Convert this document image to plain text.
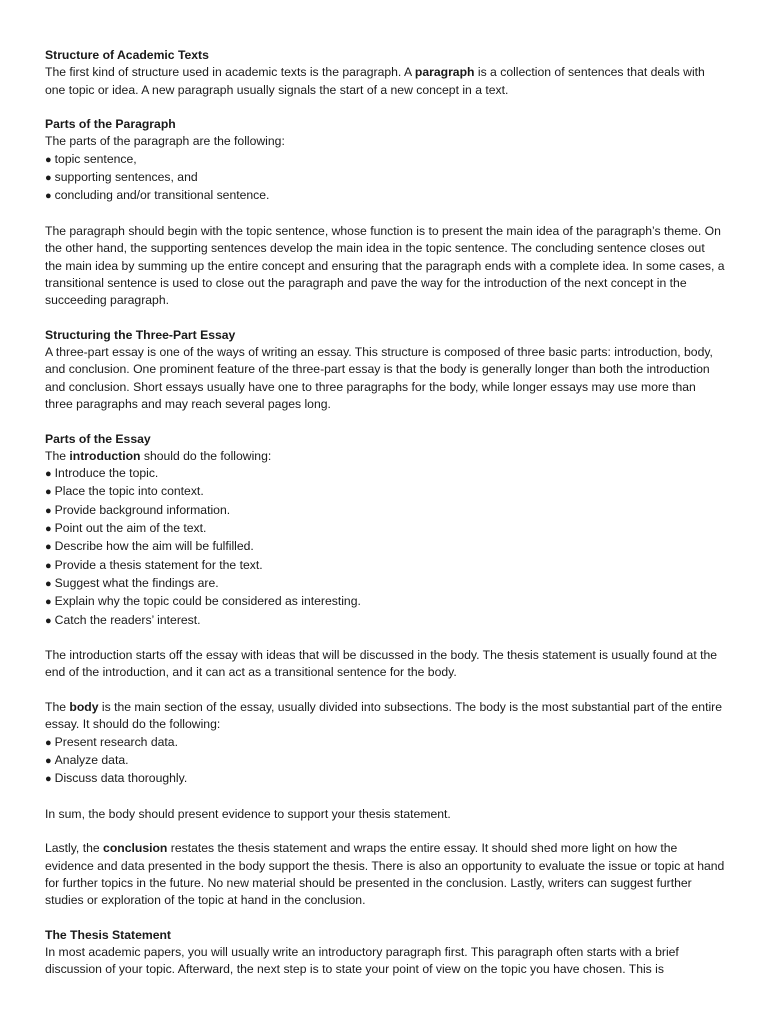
Structure of Academic Texts

The first kind of structure used in academic texts is the paragraph. A paragraph is a collection of sentences that deals with one topic or idea. A new paragraph usually signals the start of a new concept in a text.

Parts of the Paragraph

The parts of the paragraph are the following:

● topic sentence,
● supporting sentences, and
● concluding and/or transitional sentence.

The paragraph should begin with the topic sentence, whose function is to present the main idea of the paragraph’s theme. On the other hand, the supporting sentences develop the main idea in the topic sentence. The concluding sentence closes out the main idea by summing up the entire concept and ensuring that the paragraph ends with a complete idea. In some cases, a transitional sentence is used to close out the paragraph and pave the way for the introduction of the next concept in the succeeding paragraph.

Structuring the Three-Part Essay

A three-part essay is one of the ways of writing an essay. This structure is composed of three basic parts: introduction, body, and conclusion. One prominent feature of the three-part essay is that the body is generally longer than both the introduction and conclusion. Short essays usually have one to three paragraphs for the body, while longer essays may use more than three paragraphs and may reach several pages long.

Parts of the Essay

The introduction should do the following:

● Introduce the topic.
● Place the topic into context.
● Provide background information.
● Point out the aim of the text.
● Describe how the aim will be fulfilled.
● Provide a thesis statement for the text.
● Suggest what the findings are.
● Explain why the topic could be considered as interesting.
● Catch the readers’ interest.

The introduction starts off the essay with ideas that will be discussed in the body. The thesis statement is usually found at the end of the introduction, and it can act as a transitional sentence for the body.

The body is the main section of the essay, usually divided into subsections. The body is the most substantial part of the entire essay. It should do the following:

● Present research data.
● Analyze data.
● Discuss data thoroughly.

In sum, the body should present evidence to support your thesis statement.

Lastly, the conclusion restates the thesis statement and wraps the entire essay. It should shed more light on how the evidence and data presented in the body support the thesis. There is also an opportunity to evaluate the issue or topic at hand for further topics in the future. No new material should be presented in the conclusion. Lastly, writers can suggest further studies or exploration of the topic at hand in the conclusion.

The Thesis Statement

In most academic papers, you will usually write an introductory paragraph first. This paragraph often starts with a brief discussion of your topic. Afterward, the next step is to state your point of view on the topic you have chosen. This is
